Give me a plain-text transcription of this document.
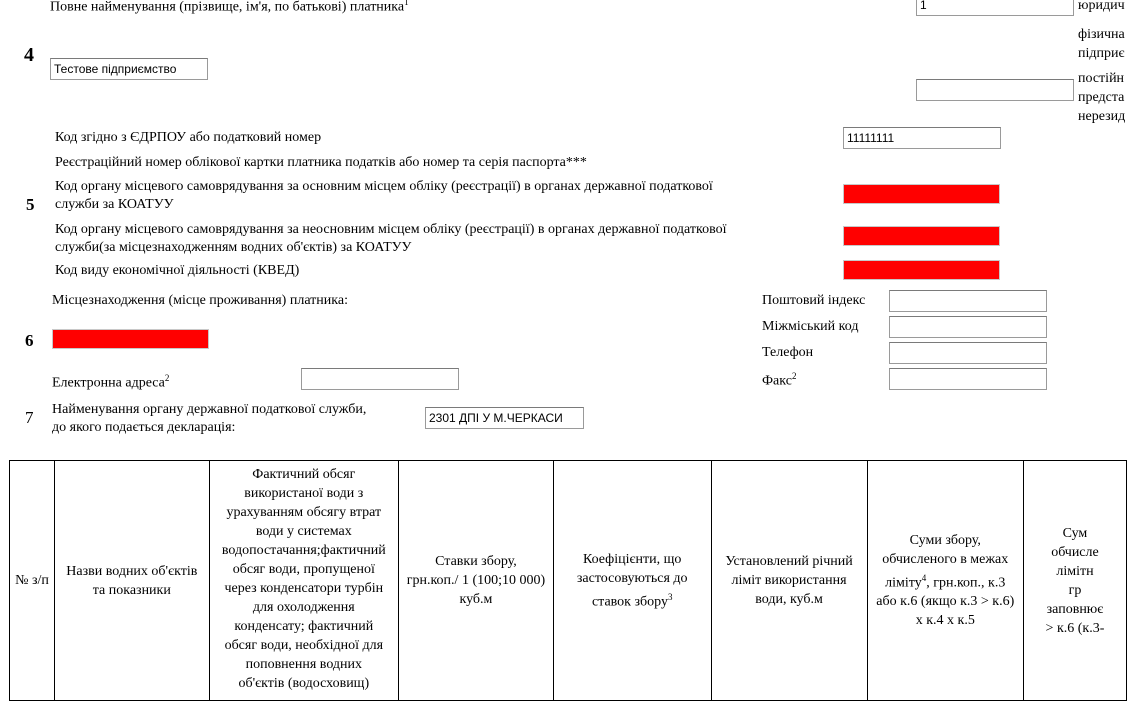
Повне найменування (прізвище, ім'я, по батькові) платника$^1$
4
Тестове підприємство
1	юридич
фізична
підприє
постійн
предста
нерезид
Код згідно з ЄДРПОУ або податковий номер	11111111
Реєстраційний номер облікової картки платника податків або номер та серія паспорта***
5
Код органу місцевого самоврядування за основним місцем обліку (реєстрації) в органах державної податкової
служби за КОАТУУ
Код органу місцевого самоврядування за неосновним місцем обліку (реєстрації) в органах державної податкової
служби(за місцезнаходженням водних об'єктів) за КОАТУУ
Код виду економічної діяльності (КВЕД)
Місцезнаходження (місце проживання) платника:
6
Електронна адреса$^2$
Поштовий індекс
Міжміський код
Телефон
Факс$^2$
7 Найменування органу державної податкової служби,
до якого подається декларація:
2301 ДПІ У М.ЧЕРКАСИ
№ з/п	
Назви водних об'єктів
та показники

Фактичний обсяг
використаної води з
урахуванням обсягу втрат
води у системах
водопостачання;фактичний
обсяг води, пропущеної
через конденсатори турбін
для охолодження
конденсату; фактичний
обсяг води, необхідної для
поповнення водних
об'єктів (водосховищ)

Ставки збору,
грн.коп./ 1 (100;10 000)
куб.м

Коефіцієнти, що
застосовуються до
ставок збору$^3$

Установлений річний
ліміт використання
води, куб.м

Суми збору,
обчисленого в межах
ліміту$^4$, грн.коп., к.3
або к.6 (якщо к.3 > к.6)
х к.4 х к.5

Сум
обчисле
лімітн
гр
заповнює
> к.6 (к.3-
